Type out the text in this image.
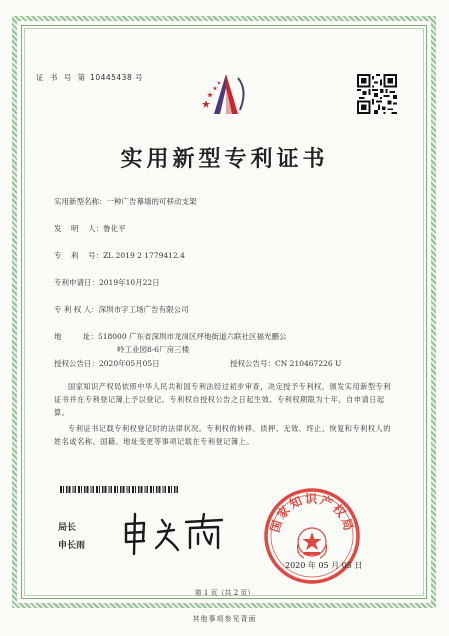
证 书 号 第 10445438 号
实用新型专利证书
实用新型名称：一种广告幕墙的可移动支架
发    明    人：鲁化平
专    利    号：ZL 2019 2 1779412.4
专利申请日：2019年10月22日
专 利 权 人：深圳市字工场广告有限公司
地         址：518000 广东省深圳市龙岗区坪地街道六联社区福光鹏公
岭工业园8-6厂房三楼
授权公告日：2020年05月05日	授权公告号：CN 210467226 U
国家知识产权局依照中华人民共和国专利法经过初步审查，决定授予专利权，颁发实用新型专利证书并在专利登记簿上予以登记。专利权自授权公告之日起生效。专利权期限为十年，自申请日起算。
专利证书记载专利权登记时的法律状况。专利权的转移、质押、无效、终止、恢复和专利权人的姓名或名称、国籍、地址变更等事项记载在专利登记簿上。
局长
申长雨
国家知识产权局
2020 年 05 月 05 日
第 1 页（共 2 页）
其他事项参见背面
